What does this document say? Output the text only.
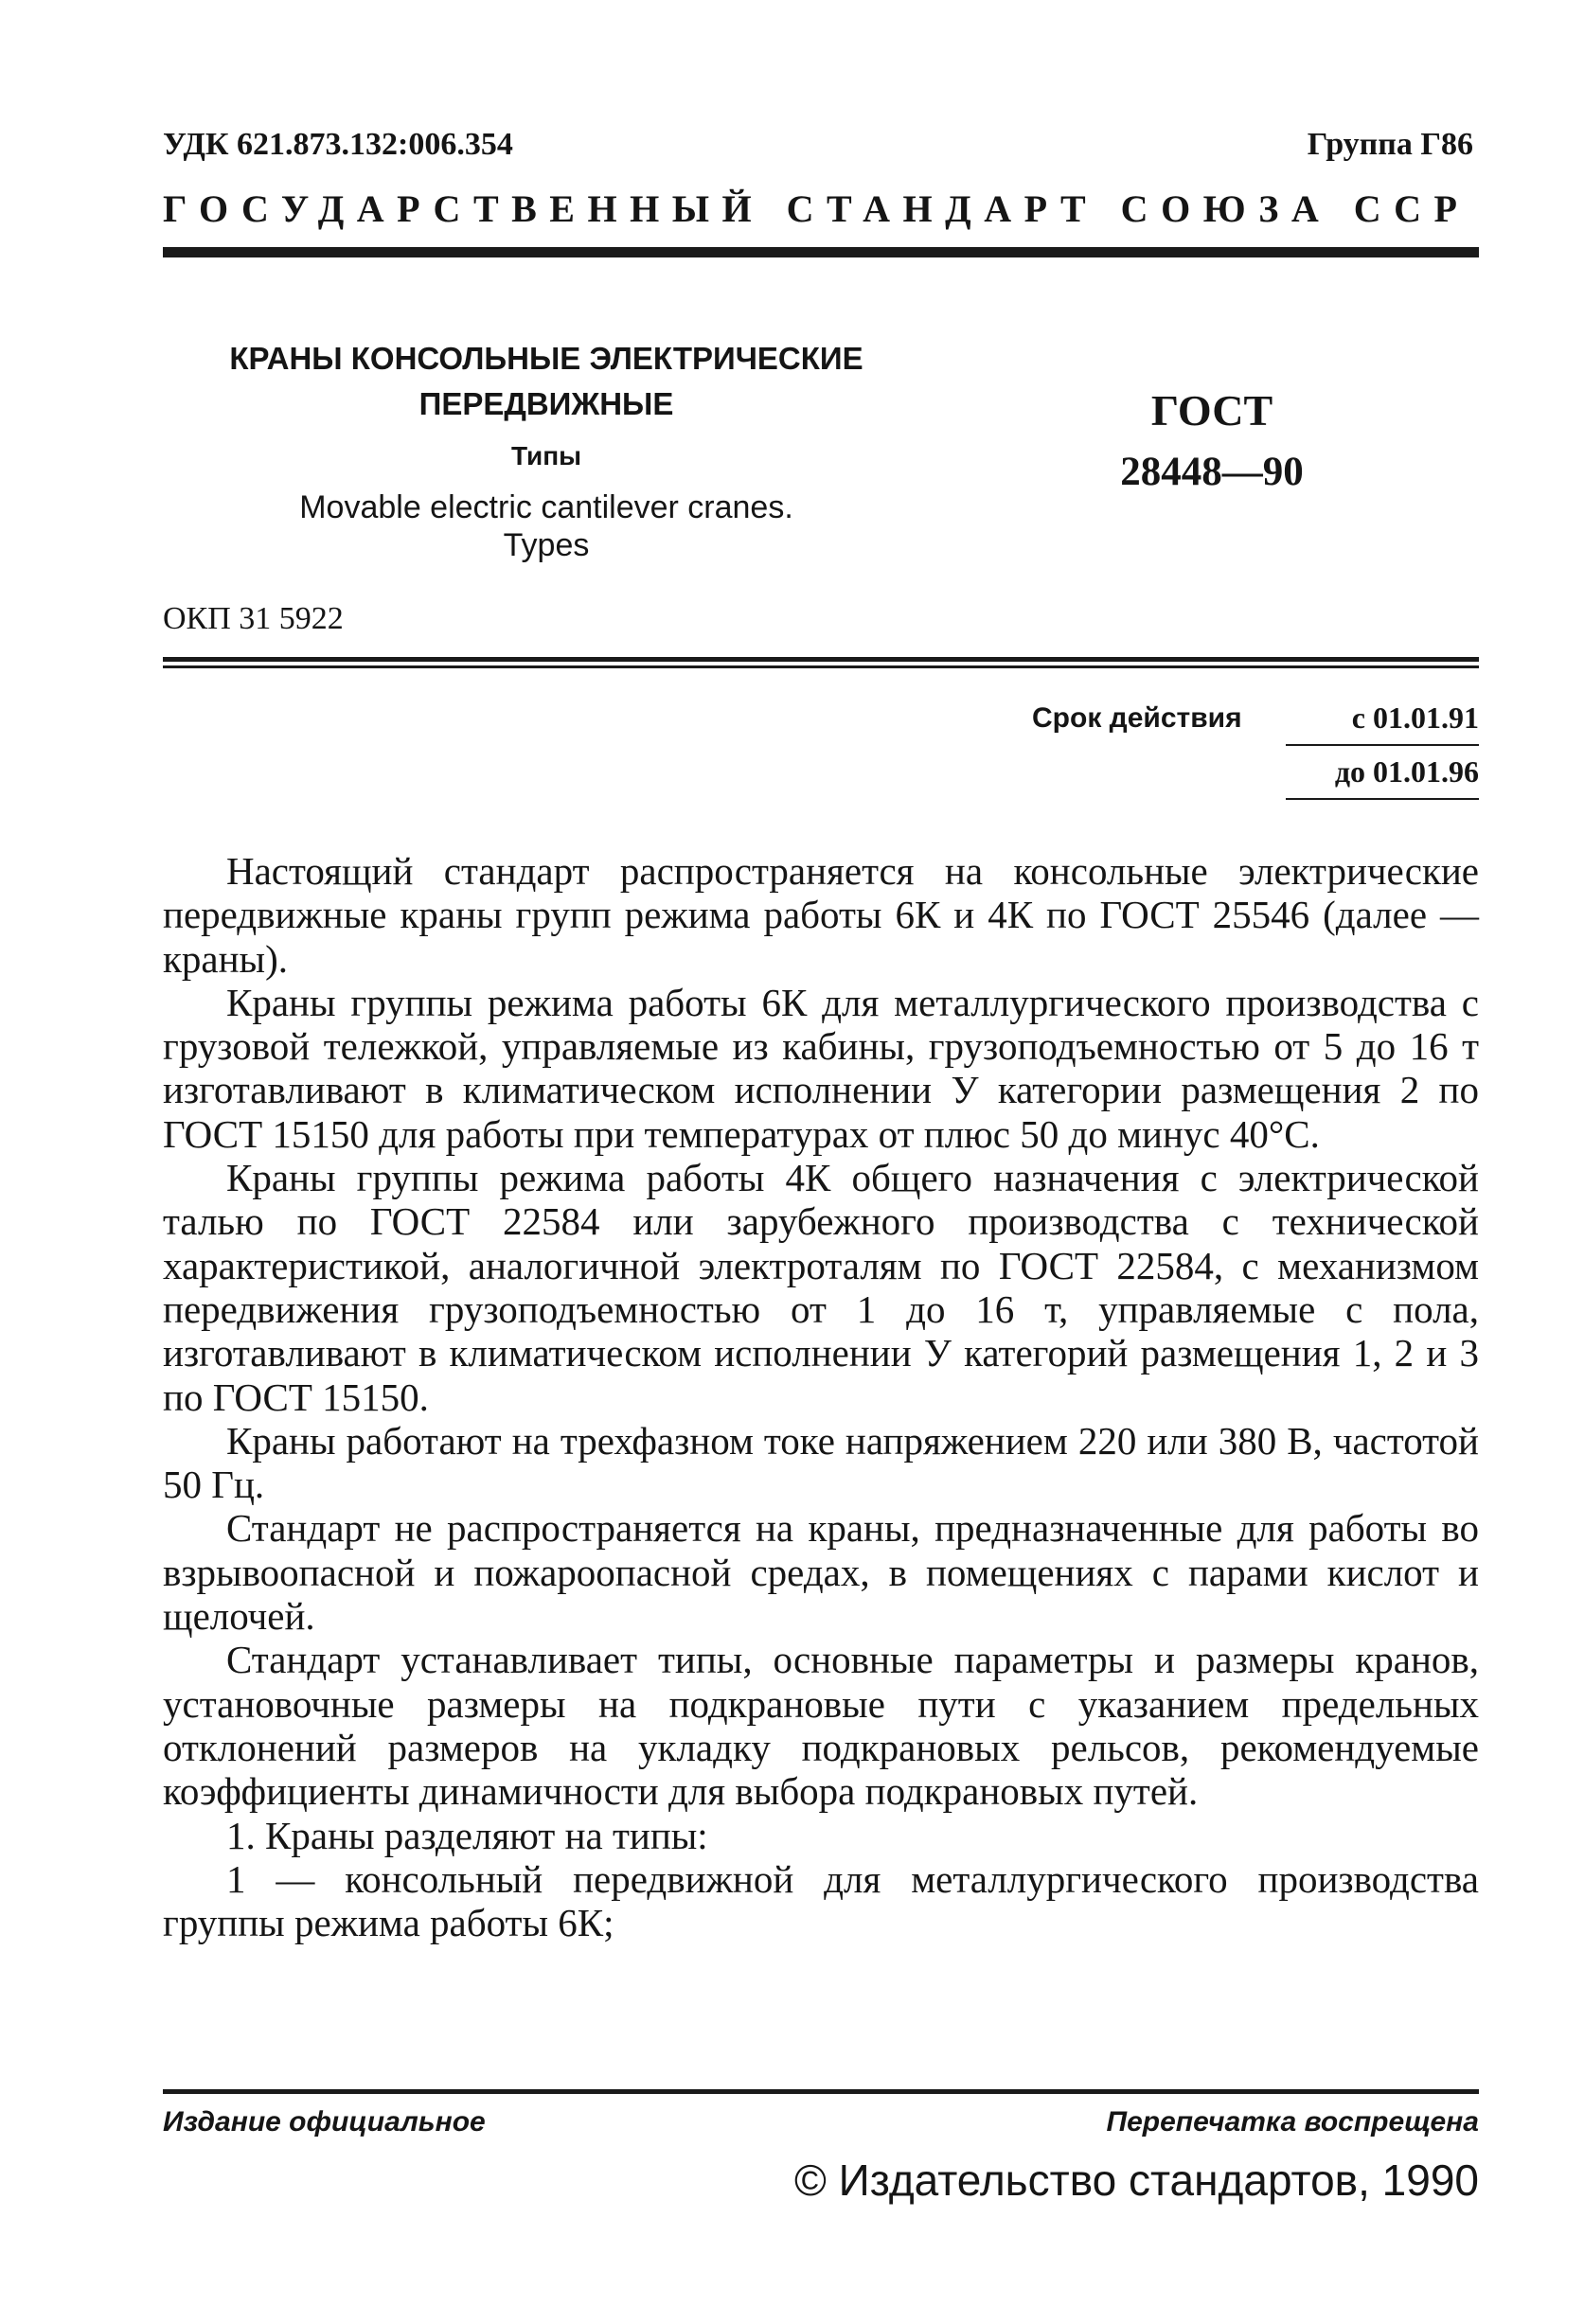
УДК 621.873.132:006.354	Группа Г86
ГОСУДАРСТВЕННЫЙ СТАНДАРТ СОЮЗА ССР
КРАНЫ КОНСОЛЬНЫЕ ЭЛЕКТРИЧЕСКИЕ
ПЕРЕДВИЖНЫЕ
Типы
Movable electric cantilever cranes.
Types
ГОСТ
28448—90
ОКП 31 5922
Срок действия	с 01.01.91
до 01.01.96

Настоящий стандарт распространяется на консольные электрические передвижные краны групп режима работы 6К и 4К по ГОСТ 25546 (далее — краны).

Краны группы режима работы 6К для металлургического производства с грузовой тележкой, управляемые из кабины, грузоподъемностью от 5 до 16 т изготавливают в климатическом исполнении У категории размещения 2 по ГОСТ 15150 для работы при температурах от плюс 50 до минус 40°С.

Краны группы режима работы 4К общего назначения с электрической талью по ГОСТ 22584 или зарубежного производства с технической характеристикой, аналогичной электроталям по ГОСТ 22584, с механизмом передвижения грузоподъемностью от 1 до 16 т, управляемые с пола, изготавливают в климатическом исполнении У категорий размещения 1, 2 и 3 по ГОСТ 15150.

Краны работают на трехфазном токе напряжением 220 или 380 В, частотой 50 Гц.

Стандарт не распространяется на краны, предназначенные для работы во взрывоопасной и пожароопасной средах, в помещениях с парами кислот и щелочей.

Стандарт устанавливает типы, основные параметры и размеры кранов, установочные размеры на подкрановые пути с указанием предельных отклонений размеров на укладку подкрановых рельсов, рекомендуемые коэффициенты динамичности для выбора подкрановых путей.

1. Краны разделяют на типы:

1 — консольный передвижной для металлургического производства группы режима работы 6К;

Издание официальное	Перепечатка воспрещена
© Издательство стандартов, 1990
